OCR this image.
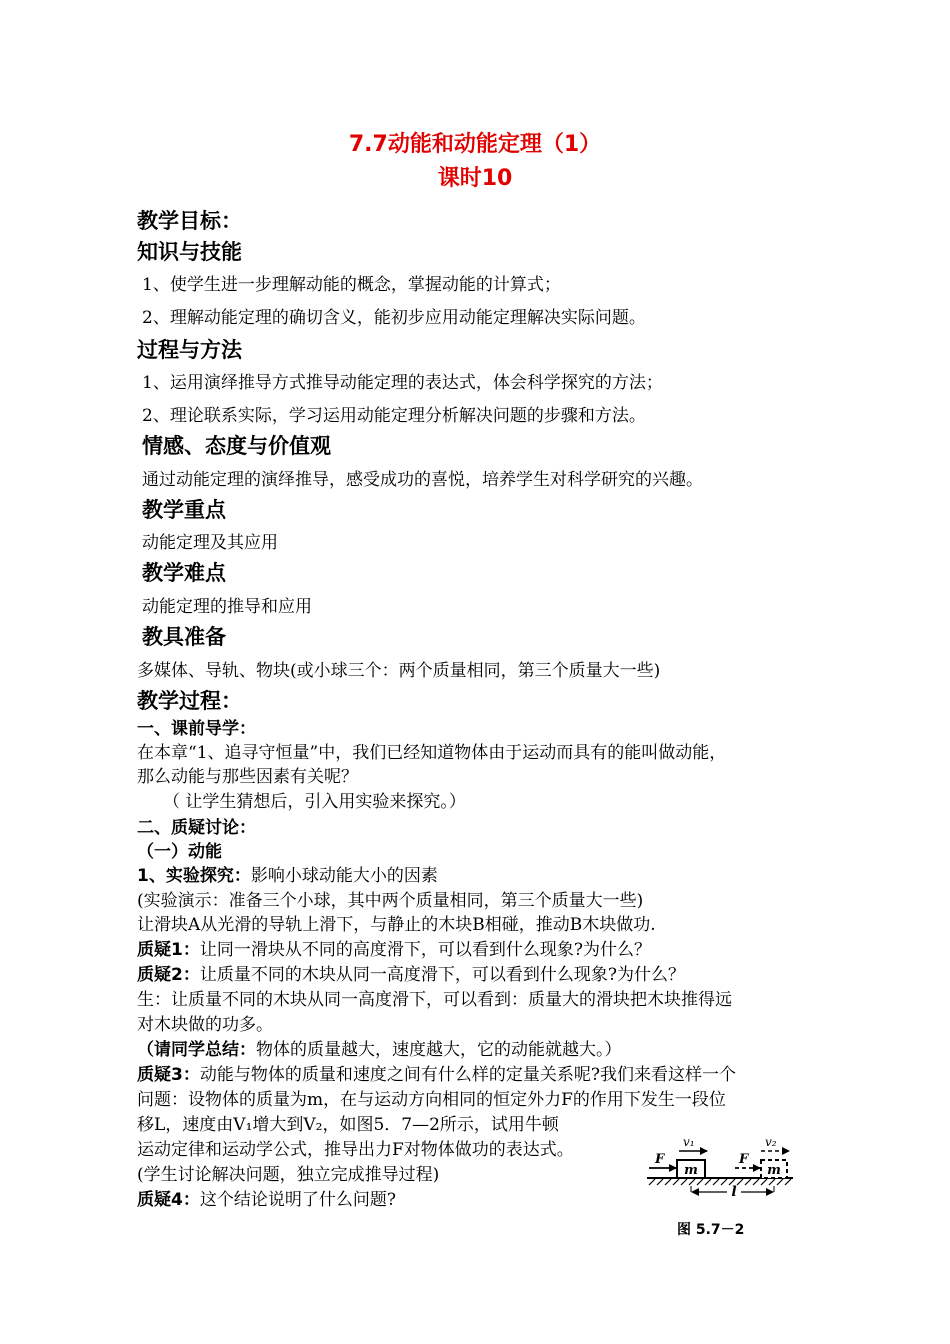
7.7动能和动能定理（1）
课时10
教学目标：
知识与技能
1、使学生进一步理解动能的概念，掌握动能的计算式；
2、理解动能定理的确切含义，能初步应用动能定理解决实际问题。
过程与方法
1、运用演绎推导方式推导动能定理的表达式，体会科学探究的方法；
2、理论联系实际，学习运用动能定理分析解决问题的步骤和方法。
情感、态度与价值观
通过动能定理的演绎推导，感受成功的喜悦，培养学生对科学研究的兴趣。
教学重点
动能定理及其应用
教学难点
动能定理的推导和应用
教具准备
多媒体、导轨、物块(或小球三个：两个质量相同，第三个质量大一些)
教学过程：
一、课前导学：
在本章“1、追寻守恒量”中，我们已经知道物体由于运动而具有的能叫做动能，
那么动能与那些因素有关呢？
（ 让学生猜想后，引入用实验来探究。）
二、质疑讨论：
（一）动能
1、实验探究：影响小球动能大小的因素
(实验演示：准备三个小球，其中两个质量相同，第三个质量大一些)
让滑块A从光滑的导轨上滑下，与静止的木块B相碰，推动B木块做功.
质疑1：让同一滑块从不同的高度滑下，可以看到什么现象?为什么？
质疑2：让质量不同的木块从同一高度滑下，可以看到什么现象?为什么？
生：让质量不同的木块从同一高度滑下，可以看到：质量大的滑块把木块推得远
对木块做的功多。
（请同学总结：物体的质量越大，速度越大，它的动能就越大。）
质疑3：动能与物体的质量和速度之间有什么样的定量关系呢?我们来看这样一个
问题：设物体的质量为m，在与运动方向相同的恒定外力F的作用下发生一段位
移L，速度由V₁增大到V₂，如图5．7—2所示，试用牛顿
运动定律和运动学公式，推导出力F对物体做功的表达式。
(学生讨论解决问题，独立完成推导过程)
质疑4：这个结论说明了什么问题?
m
F
v₁
m
F
v₂
l
图 5.7－2
